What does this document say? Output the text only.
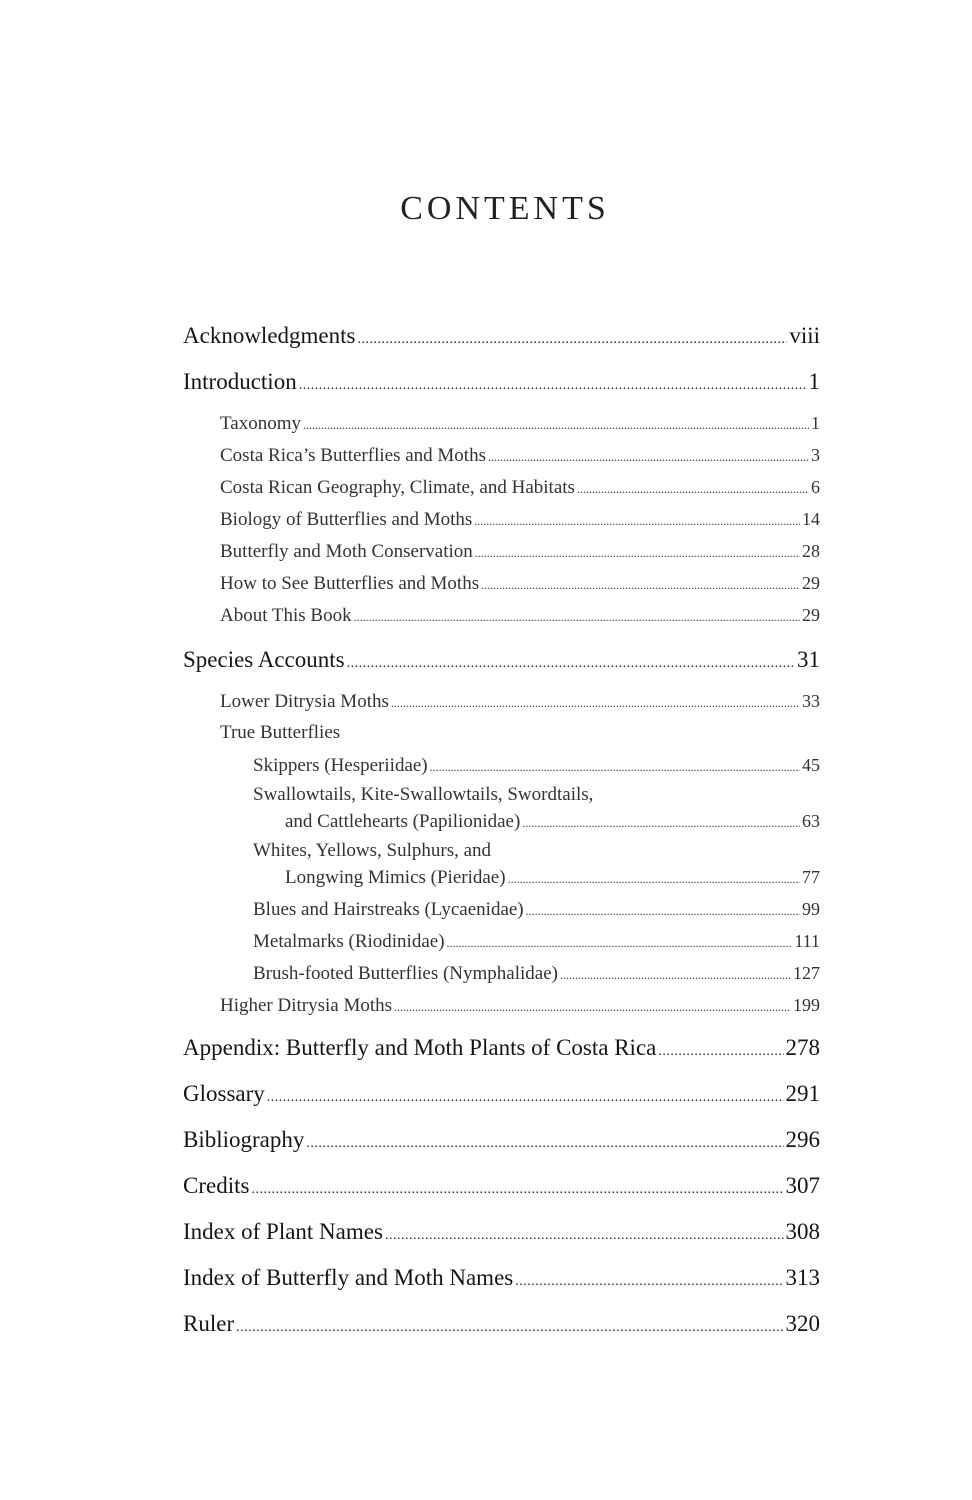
CONTENTS
Acknowledgments . . .	viii
Introduction . . .	1
Taxonomy . . .	1
Costa Rica’s Butterflies and Moths . . .	3
Costa Rican Geography, Climate, and Habitats . . .	6
Biology of Butterflies and Moths . . .	14
Butterfly and Moth Conservation . . .	28
How to See Butterflies and Moths . . .	29
About This Book . . .	29
Species Accounts . . .	31
Lower Ditrysia Moths . . .	33
True Butterflies
Skippers (Hesperiidae) . . .	45
Swallowtails, Kite-Swallowtails, Swordtails,
and Cattlehearts (Papilionidae) . . .	63
Whites, Yellows, Sulphurs, and
Longwing Mimics (Pieridae) . . .	77
Blues and Hairstreaks (Lycaenidae) . . .	99
Metalmarks (Riodinidae) . . .	111
Brush-footed Butterflies (Nymphalidae) . . .	127
Higher Ditrysia Moths . . .	199
Appendix: Butterfly and Moth Plants of Costa Rica . . .	278
Glossary . . .	291
Bibliography . . .	296
Credits . . .	307
Index of Plant Names . . .	308
Index of Butterfly and Moth Names . . .	313
Ruler . . .	320
